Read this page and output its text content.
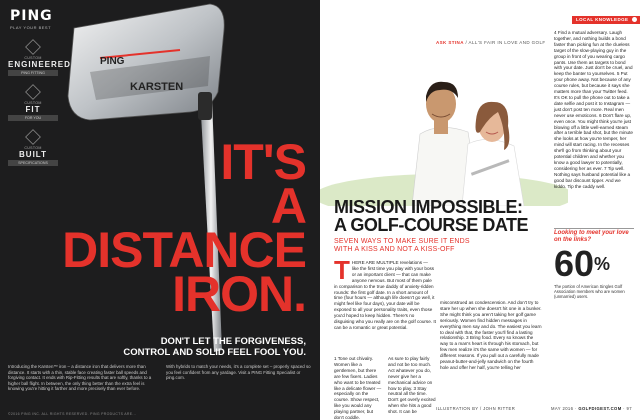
PING
PLAY YOUR BEST
CUSTOM
ENGINEERED
PING FITTING
CUSTOM
FIT
FOR YOU
CUSTOM
BUILT
SPECIFICATIONS
PING
KARSTEN
IT'S
A
DISTANCE
IRON.
DON'T LET THE FORGIVENESS,
CONTROL AND SOLID FEEL FOOL YOU.
Introducing the Karsten™ iron – a distance iron that delivers more than distance. It starts with a thin, stable face creating faster ball speeds and forgiving contact. It ends with Rip-Fitting results that are softly, thanks to a higher ball flight. In between, the only thing better than the extra feel is knowing you're hitting it farther and more precisely than ever before.
With hybrids to match your needs, it's a complete set – properly spaced so you feel confident from any yardage. Visit a PING Fitting Specialist or ping.com.
©2016 PING INC. ALL RIGHTS RESERVED. PING PRODUCTS ARE...
LOCAL KNOWLEDGE  DEBRIEF
ASK STINA / ALL'S FAIR IN LOVE AND GOLF
MISSION IMPOSSIBLE:
A GOLF-COURSE DATE
SEVEN WAYS TO MAKE SURE IT ENDS
WITH A KISS AND NOT A KISS-OFF
T HERE ARE MULTIPLE revelations — like the first time you play with your boss or an important client — that can make anyone nervous. But most of them pale in comparison to the true daddy of anxiety-ridden rounds: the first golf date. In a short amount of time (four hours — although life doesn't go well, it might feel like four days), your date will be exposed to all your personality traits, even those you'd hoped to keep hidden. There's no disguising who you really are on the golf course. It can be a romantic or great potential.
1 Tone out chivalry. Women like a gentlemen, but there are few fixers. Ladies who want to be treated like a delicate flower — especially on the course. Show respect, like you would any playing partner, but don't coddle.
As sure to play fairly and not be too much. Act whatever you do, never give her a mechanical advice on how to play. 3 Stay neutral all the time. Don't get overly excited when she hits a good shot. It can be
misconstrued as condescension. And don't try to stare her up when she doesn't hit one in a bunker. She might think you aren't taking her golf game seriously. Women find hidden messages in everything men say and do. The easiest you learn to deal with that, the faster you'll find a lasting relationship. 3 Bring food. Every so knows the way to a man's heart is through his stomach, but few men realize it's the same with women — for different reasons. If you pull out a carefully made peanut-butter-and-jelly sandwich on the fourth hole and offer her half, you're telling her
4 Find a mutual adversary. Laugh together, and nothing builds a bond faster than picking fun at the clueless target of the slow-playing guy in the group in front of you wearing cargo pants. Use them as targets to bond with your date. Just don't be cruel, and keep the banter to yourselves. 5 Put your phone away. Not because of any course rules, but because it says she matters more than your Twitter feed. It's OK to pull the phone out to take a date selfie and post it to Instagram — just don't post ten more. Real men never use emoticons. 6 Don't flare up, even once. You might think you're just blowing off a little well-earned steam after a terrible bad shot, but the minute she looks at how you're temper, her mind will start racing. In the recesses she'll go from thinking about your potential children and whether you know a good lawyer to potentially, considering her as ever. 7 Tip well. Nothing says husband potential like a good bar discount tipper. And we kiddo. Tip the caddy well.
Looking to meet your love on the links?
60%
The portion of American Singles Golf Association members who are women (unmarried) users.
ILLUSTRATION BY / JOHN RITTER	MAY 2016 · GOLFDIGEST.COM · 97
